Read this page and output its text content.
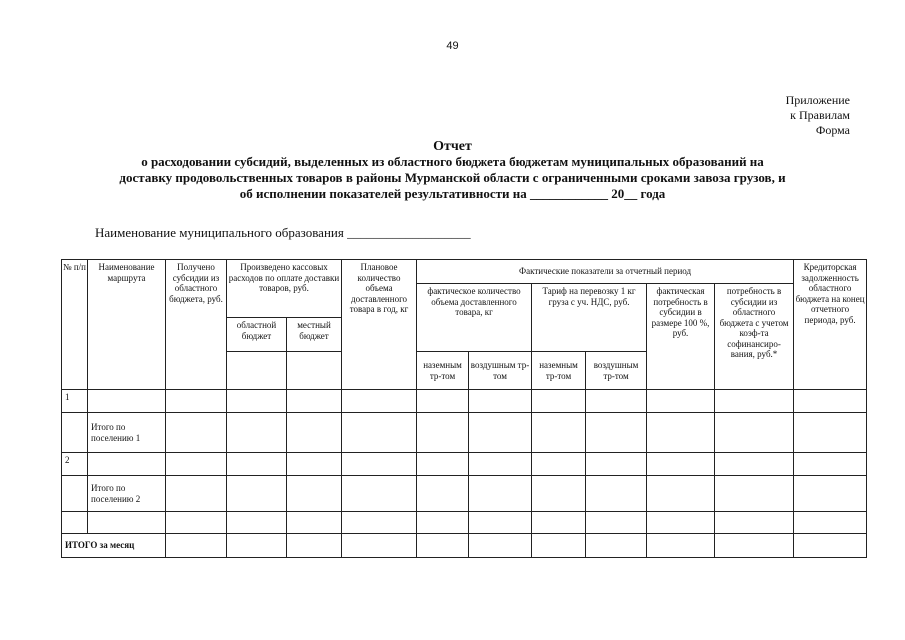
49
Приложение
к Правилам
Форма
Отчет
о расходовании субсидий, выделенных из областного бюджета бюджетам муниципальных образований на
доставку продовольственных товаров в районы Мурманской области с ограниченными сроками завоза грузов, и
об исполнении показателей результативности на ____________ 20__ года
Наименование муниципального образования ___________________
№ п/п	Наименование маршрута	Получено субсидии из областного бюджета, руб.	Произведено кассовых расходов по оплате доставки товаров, руб.		Плановое количество объема доставленного товара в год, кг	Фактические показатели за отчетный период						Кредиторская задолженность областного бюджета на конец отчетного периода, руб.
						фактическое количество объема доставленного товара, кг		Тариф на перевозку 1 кг груза с уч. НДС, руб.		фактическая потребность в субсидии в размере 100 %, руб.	потребность в субсидии из областного бюджета с учетом коэф-та софинансиро-вания, руб.*	
			областной бюджет	местный бюджет								
						наземным тр-том	воздушным тр-том	наземным тр-том	воздушным тр-том			
1												
	Итого по поселению 1											
2												
	Итого по поселению 2											

ИТОГО за месяц												
